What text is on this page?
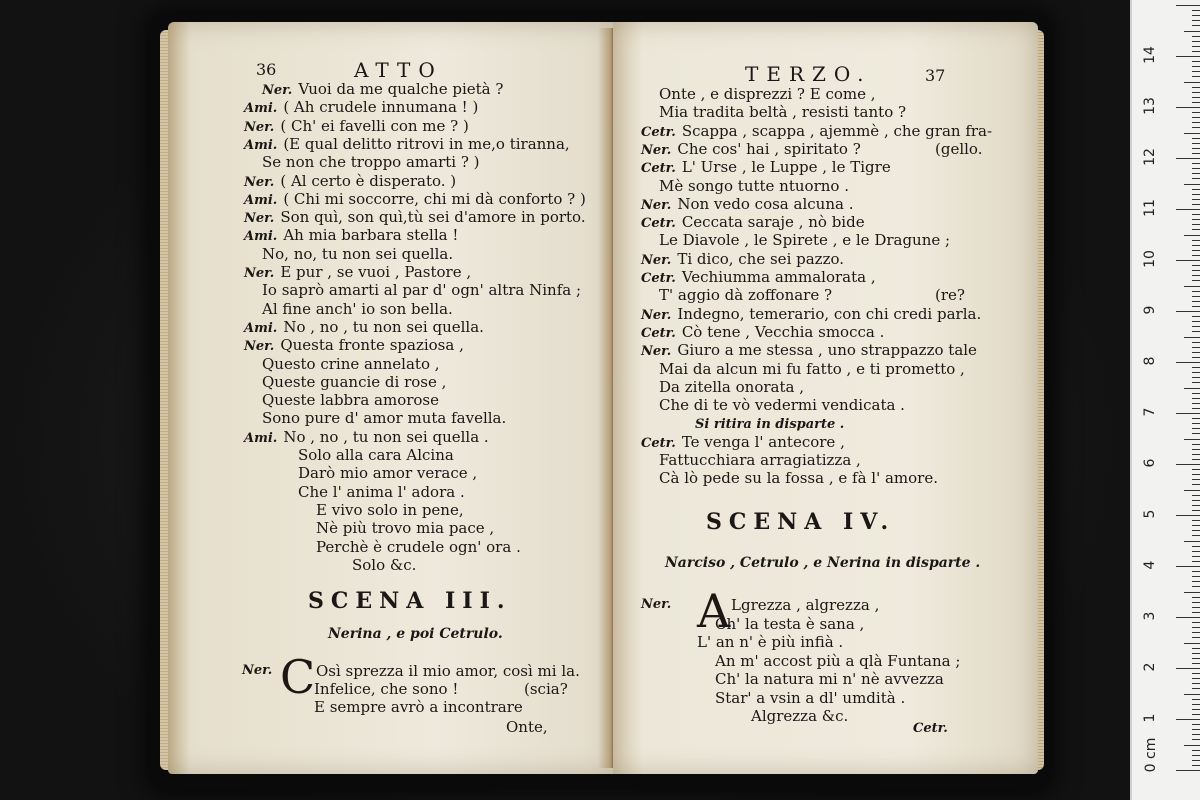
36	ATTO
Ner. Vuoi da me qualche pietà ?
Ami. ( Ah crudele innumana ! )
Ner. ( Ch' ei favelli con me ? )
Ami. (E qual delitto ritrovi in me,o tiranna,
Se non che troppo amarti ? )
Ner. ( Al certo è disperato. )
Ami. ( Chi mi soccorre, chi mi dà conforto ? )
Ner. Son quì, son quì,tù sei d'amore in porto.
Ami. Ah mia barbara stella !
No, no, tu non sei quella.
Ner. E pur , se vuoi , Pastore ,
Io saprò amarti al par d' ogn' altra Ninfa ;
Al fine anch' io son bella.
Ami. No , no , tu non sei quella.
Ner. Questa fronte spaziosa ,
Questo crine annelato ,
Queste guancie di rose ,
Queste labbra amorose
Sono pure d' amor muta favella.
Ami. No , no , tu non sei quella .
Solo alla cara Alcina
Darò mio amor verace ,
Che l' anima l' adora .
E vivo solo in pene,
Nè più trovo mia pace ,
Perchè è crudele ogn' ora .
Solo &c.
SCENA III.
Nerina , e poi Cetrulo.
Ner. C Osì sprezza il mio amor, così mi la.
Infelice, che sono !	(scia?
E sempre avrò a incontrare
Onte,
TERZO.	37
Onte , e disprezzi ? E come ,
Mia tradita beltà , resisti tanto ?
Cetr. Scappa , scappa , ajemmè , che gran fra-
Ner. Che cos' hai , spiritato ?	(gello.
Cetr. L' Urse , le Luppe , le Tigre
Mè songo tutte ntuorno .
Ner. Non vedo cosa alcuna .
Cetr. Ceccata saraje , nò bide
Le Diavole , le Spirete , e le Dragune ;
Ner. Ti dico, che sei pazzo.
Cetr. Vechiumma ammalorata ,
T' aggio dà zoffonare ?	(re?
Ner. Indegno, temerario, con chi credi parla.
Cetr. Cò tene , Vecchia smocca .
Ner. Giuro a me stessa , uno strappazzo tale
Mai da alcun mi fu fatto , e ti prometto ,
Da zitella onorata ,
Che di te vò vedermi vendicata .
Si ritira in disparte .
Cetr. Te venga l' antecore ,
Fattucchiara arragiatizza ,
Cà lò pede su la fossa , e fà l' amore.
SCENA IV.
Narciso , Cetrulo , e Nerina in disparte .
Ner. A Lgrezza , algrezza ,
Ch' la testa è sana ,
L' an n' è più infià .
An m' accost più a qlà Funtana ;
Ch' la natura mi n' nè avvezza
Star' a vsin a dl' umdità .
Algrezza &c.
Cetr.
14
13
12
11
10
9
8
7
6
5
4
3
2
1
0 cm
